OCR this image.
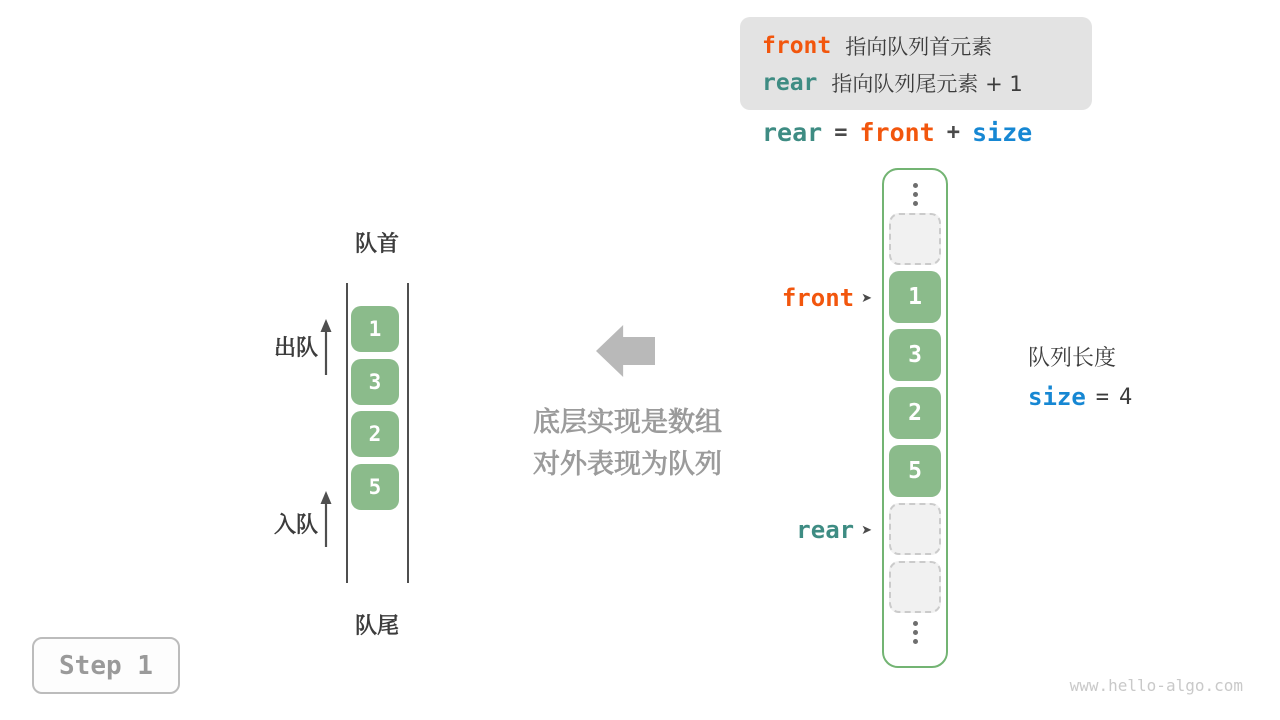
front 指向队列首元素
rear 指向队列尾元素 + 1
rear = front + size
1
3
2
5
front ➤
rear ➤
队列长度
size = 4
队首
队尾
1
3
2
5
出队
入队
底层实现是数组
对外表现为队列
Step 1
www.hello-algo.com
